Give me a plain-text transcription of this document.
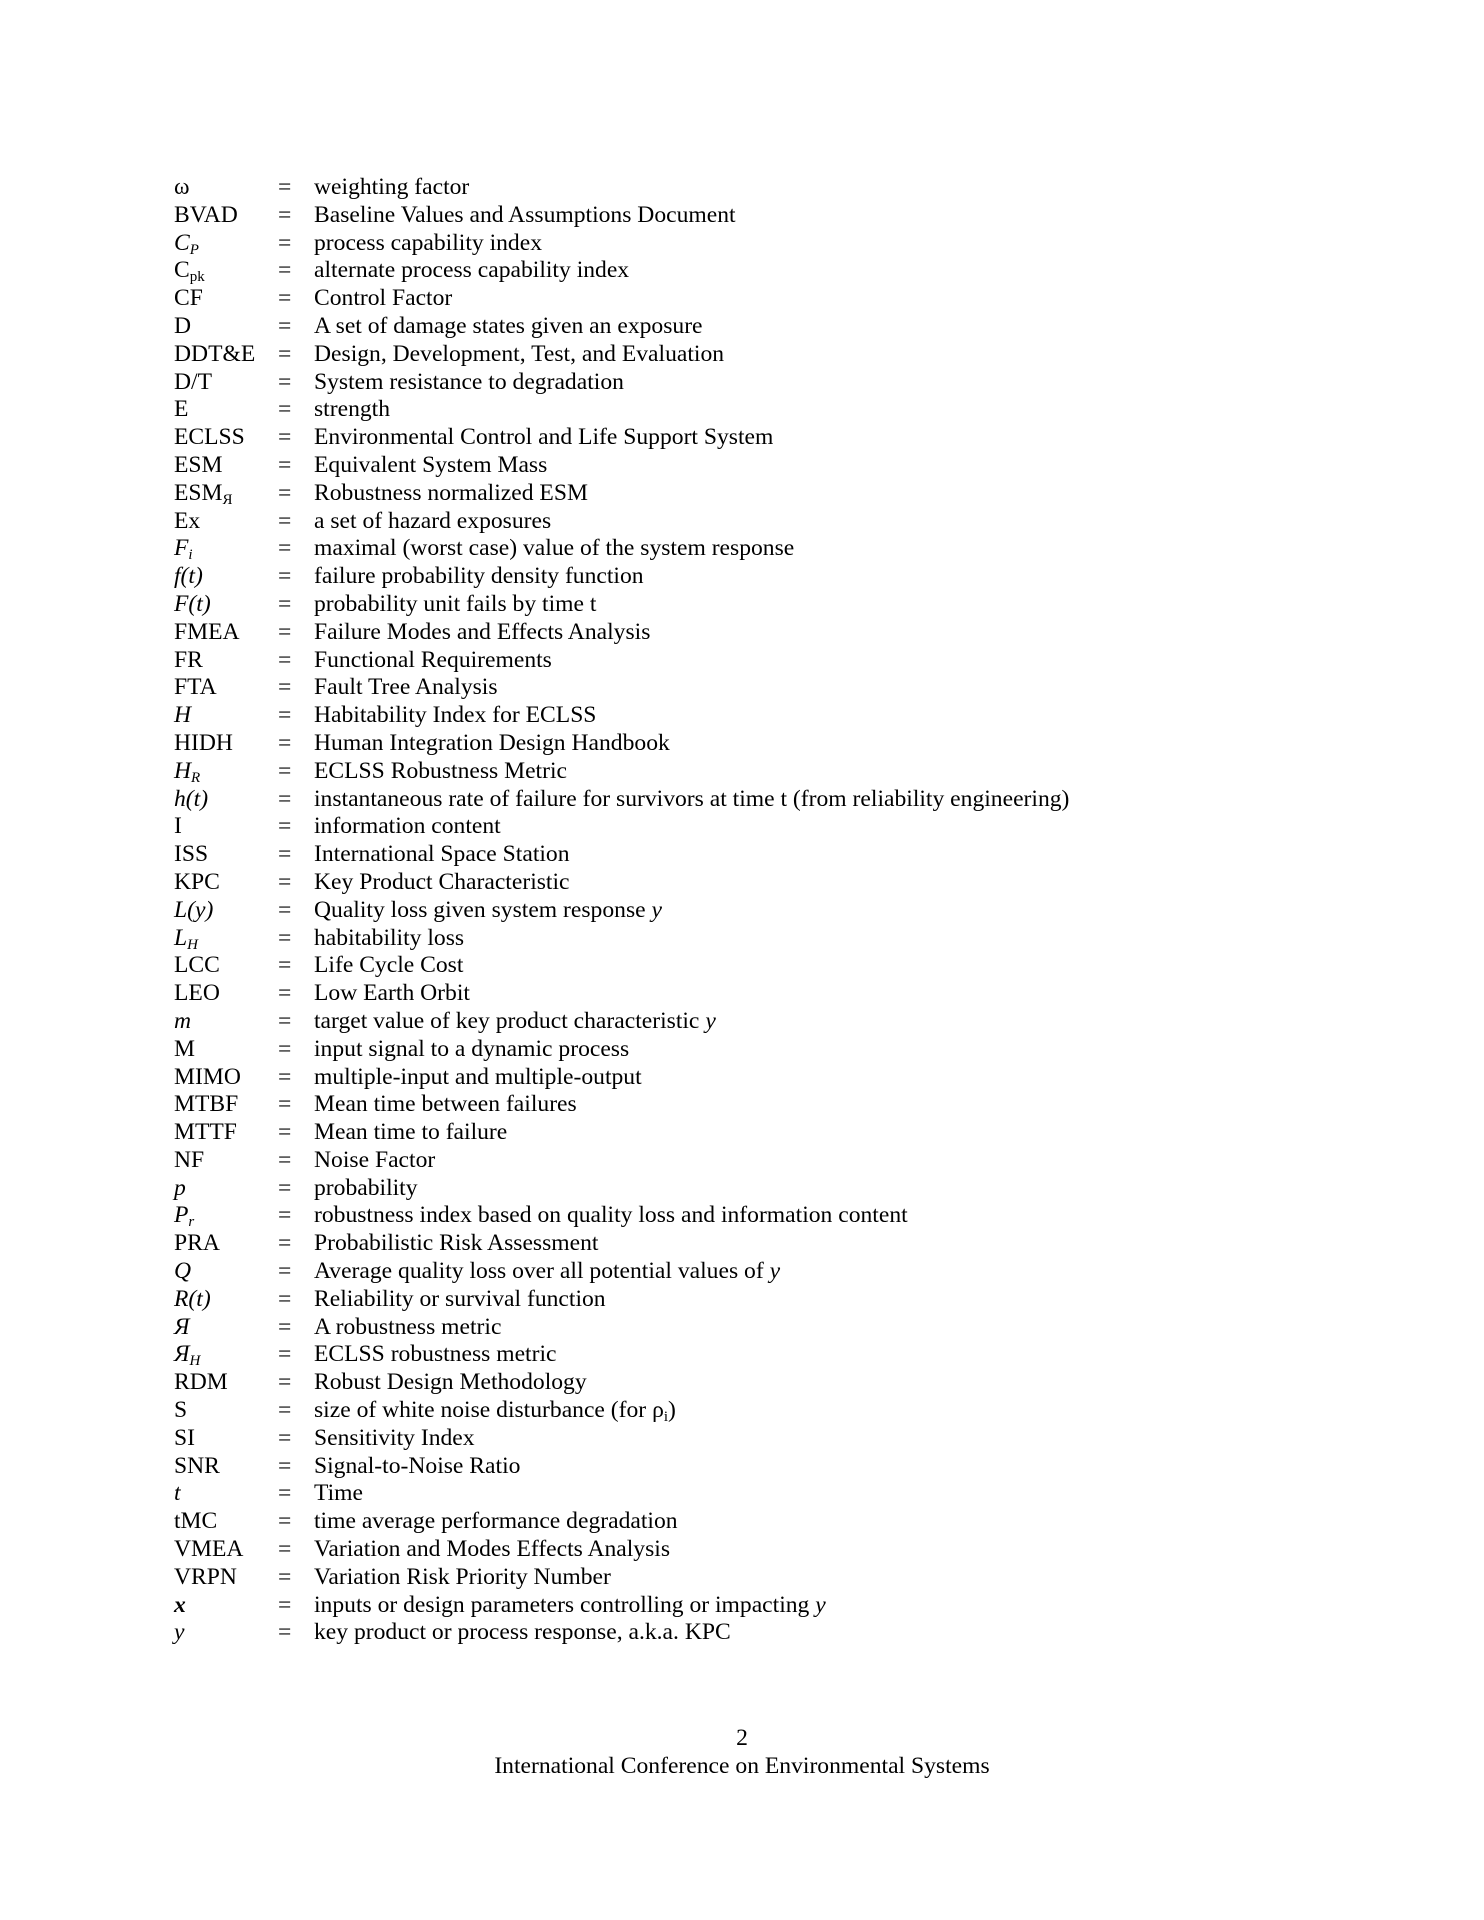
ω	= weighting factor
BVAD = Baseline Values and Assumptions Document
$C_P$	= process capability index
$C_{pk}$	= alternate process capability index
CF	= Control Factor
D	= A set of damage states given an exposure
DDT&E = Design, Development, Test, and Evaluation
D/T	= System resistance to degradation
E	= strength
ECLSS = Environmental Control and Life Support System
ESM = Equivalent System Mass
$ESM_Я$ = Robustness normalized ESM
Ex	= a set of hazard exposures
$F_i$	= maximal (worst case) value of the system response
f(t)	= failure probability density function
F(t)	= probability unit fails by time t
FMEA = Failure Modes and Effects Analysis
FR	= Functional Requirements
FTA	= Fault Tree Analysis
H	= Habitability Index for ECLSS
HIDH = Human Integration Design Handbook
$H_R$	= ECLSS Robustness Metric
h(t)	= instantaneous rate of failure for survivors at time t (from reliability engineering)
I	= information content
ISS	= International Space Station
KPC = Key Product Characteristic
L(y)	= Quality loss given system response y
$L_H$	= habitability loss
LCC = Life Cycle Cost
LEO = Low Earth Orbit
m	= target value of key product characteristic y
M	= input signal to a dynamic process
MIMO = multiple-input and multiple-output
MTBF = Mean time between failures
MTTF = Mean time to failure
NF	= Noise Factor
p	= probability
$P_r$	= robustness index based on quality loss and information content
PRA = Probabilistic Risk Assessment
Q	= Average quality loss over all potential values of y
R(t)	= Reliability or survival function
Я	= A robustness metric
$Я_H$	= ECLSS robustness metric
RDM = Robust Design Methodology
S	= size of white noise disturbance (for $\rho_i$)
SI	= Sensitivity Index
SNR = Signal-to-Noise Ratio
t	= Time
tMC	= time average performance degradation
VMEA = Variation and Modes Effects Analysis
VRPN = Variation Risk Priority Number
x	= inputs or design parameters controlling or impacting y
y	= key product or process response, a.k.a. KPC
2
International Conference on Environmental Systems
